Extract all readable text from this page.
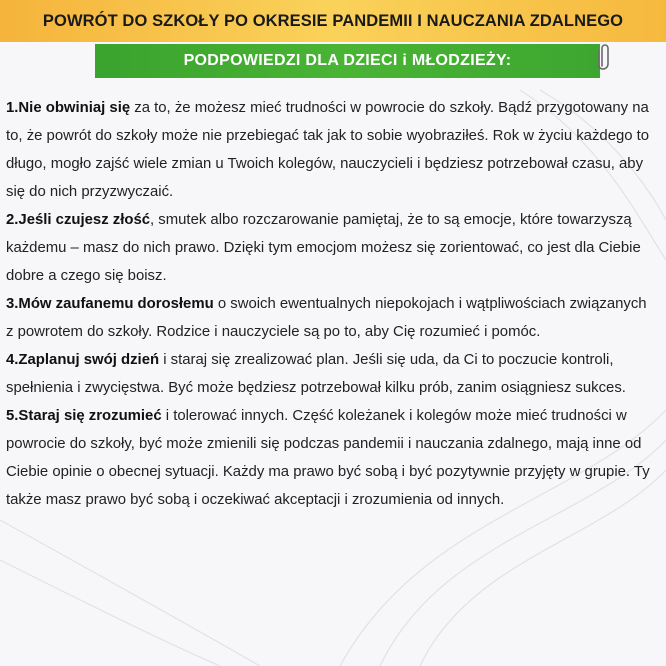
POWRÓT DO SZKOŁY PO OKRESIE PANDEMII I NAUCZANIA ZDALNEGO
PODPOWIEDZI DLA DZIECI i MŁODZIEŻY:

1.Nie obwiniaj się za to, że możesz mieć trudności w powrocie do szkoły. Bądź przygotowany na to, że powrót do szkoły może nie przebiegać tak jak to sobie wyobraziłeś. Rok w życiu każdego to długo, mogło zajść wiele zmian u Twoich kolegów, nauczycieli i będziesz potrzebował czasu, aby się do nich przyzwyczaić.

2.Jeśli czujesz złość, smutek albo rozczarowanie pamiętaj, że to są emocje, które towarzyszą każdemu – masz do nich prawo. Dzięki tym emocjom możesz się zorientować, co jest dla Ciebie dobre a czego się boisz.

3.Mów zaufanemu dorosłemu o swoich ewentualnych niepokojach i wątpliwościach związanych z powrotem do szkoły. Rodzice i nauczyciele są po to, aby Cię rozumieć i pomóc.

4.Zaplanuj swój dzień i staraj się zrealizować plan. Jeśli się uda, da Ci to poczucie kontroli, spełnienia i zwycięstwa. Być może będziesz potrzebował kilku prób, zanim osiągniesz sukces.

5.Staraj się zrozumieć i tolerować innych. Część koleżanek i kolegów może mieć trudności w powrocie do szkoły, być może zmienili się podczas pandemii i nauczania zdalnego, mają inne od Ciebie opinie o obecnej sytuacji. Każdy ma prawo być sobą i być pozytywnie przyjęty w grupie. Ty także masz prawo być sobą i oczekiwać akceptacji i zrozumienia od innych.
